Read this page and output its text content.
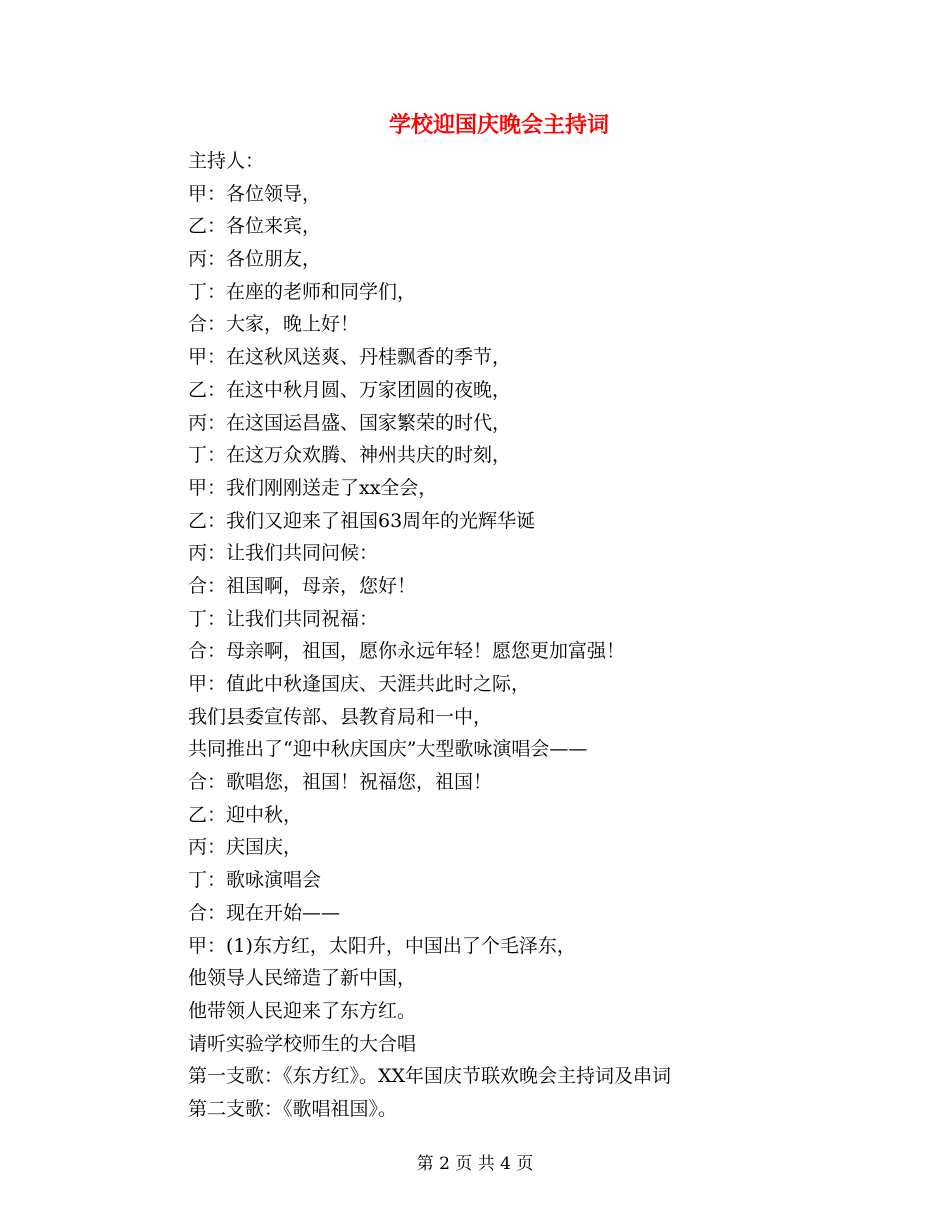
学校迎国庆晚会主持词
主持人：
甲：各位领导，
乙：各位来宾，
丙：各位朋友，
丁：在座的老师和同学们，
合：大家，晚上好！
甲：在这秋风送爽、丹桂飘香的季节，
乙：在这中秋月圆、万家团圆的夜晚，
丙：在这国运昌盛、国家繁荣的时代，
丁：在这万众欢腾、神州共庆的时刻，
甲：我们刚刚送走了xx全会，
乙：我们又迎来了祖国63周年的光辉华诞
丙：让我们共同问候：
合：祖国啊，母亲，您好！
丁：让我们共同祝福：
合：母亲啊，祖国，愿你永远年轻！愿您更加富强！
甲：值此中秋逢国庆、天涯共此时之际，
我们县委宣传部、县教育局和一中，
共同推出了“迎中秋庆国庆”大型歌咏演唱会——
合：歌唱您，祖国！祝福您，祖国！
乙：迎中秋，
丙：庆国庆，
丁：歌咏演唱会
合：现在开始——
甲：(1)东方红，太阳升，中国出了个毛泽东，
他领导人民缔造了新中国，
他带领人民迎来了东方红。
请听实验学校师生的大合唱
第一支歌：《东方红》。XX年国庆节联欢晚会主持词及串词
第二支歌：《歌唱祖国》。
第 2 页 共 4 页
